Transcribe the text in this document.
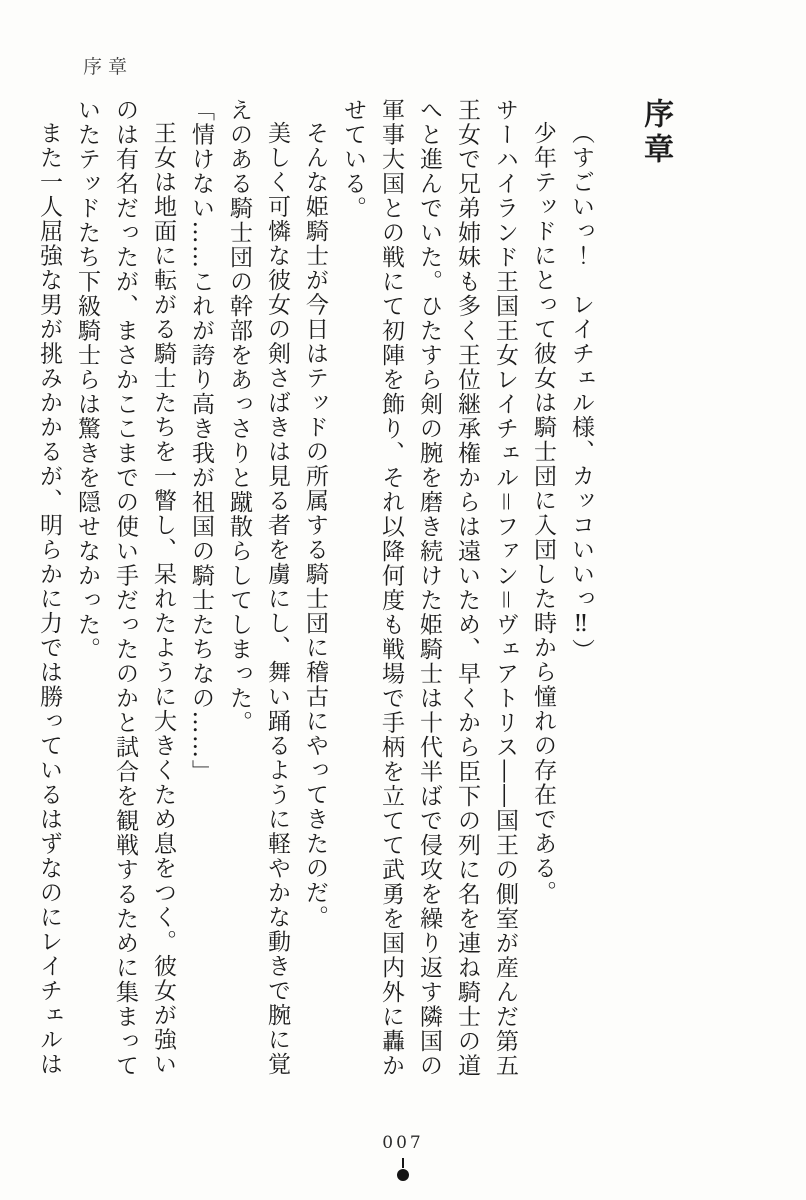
序章
序章

（すごいっ！　レイチェル様、カッコいいっ‼）

少年テッドにとって彼女は騎士団に入団した時から憧れの存在である。

サーハイランド王国王女レイチェル＝ファン＝ヴェアトリス――国王の側室が産んだ第五王女で兄弟姉妹も多く王位継承権からは遠いため、早くから臣下の列に名を連ね騎士の道へと進んでいた。ひたすら剣の腕を磨き続けた姫騎士は十代半ばで侵攻を繰り返す隣国の軍事大国との戦にて初陣を飾り、それ以降何度も戦場で手柄を立てて武勇を国内外に轟かせている。

そんな姫騎士が今日はテッドの所属する騎士団に稽古にやってきたのだ。

美しく可憐な彼女の剣さばきは見る者を虜にし、舞い踊るように軽やかな動きで腕に覚えのある騎士団の幹部をあっさりと蹴散らしてしまった。

「情けない……これが誇り高き我が祖国の騎士たちなの……」

王女は地面に転がる騎士たちを一瞥し、呆れたように大きくため息をつく。彼女が強いのは有名だったが、まさかここまでの使い手だったのかと試合を観戦するために集まっていたテッドたち下級騎士らは驚きを隠せなかった。

また一人屈強な男が挑みかかるが、明らかに力では勝っているはずなのにレイチェルは

007
